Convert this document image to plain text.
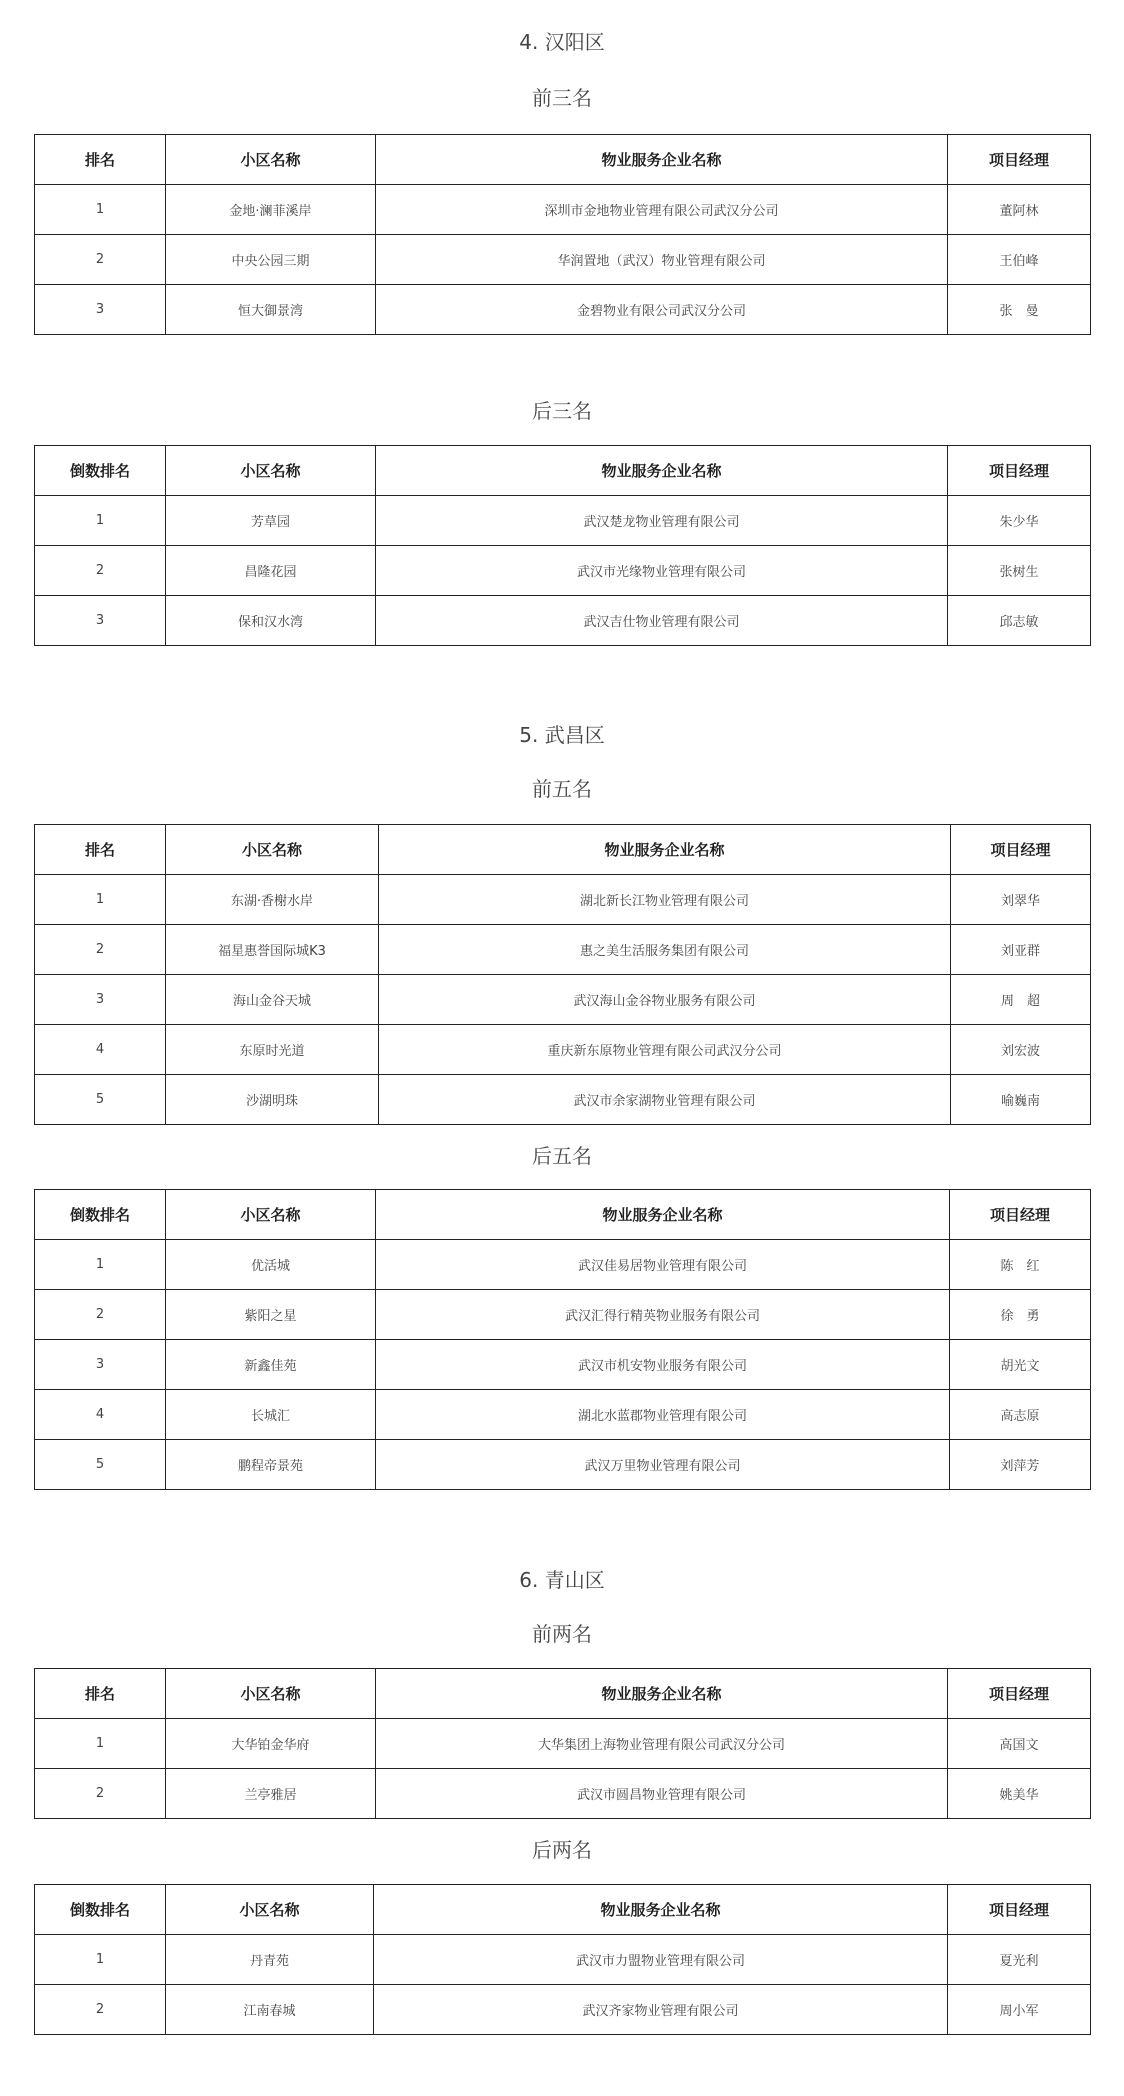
4. 汉阳区
前三名
排名	小区名称	物业服务企业名称	项目经理
1	金地·澜菲溪岸	深圳市金地物业管理有限公司武汉分公司	董阿林
2	中央公园三期	华润置地（武汉）物业管理有限公司	王伯峰
3	恒大御景湾	金碧物业有限公司武汉分公司	张　曼
后三名
倒数排名	小区名称	物业服务企业名称	项目经理
1	芳草园	武汉楚龙物业管理有限公司	朱少华
2	昌隆花园	武汉市光缘物业管理有限公司	张树生
3	保和汉水湾	武汉吉仕物业管理有限公司	邱志敏
5. 武昌区
前五名
排名	小区名称	物业服务企业名称	项目经理
1	东湖·香榭水岸	湖北新长江物业管理有限公司	刘翠华
2	福星惠誉国际城K3	惠之美生活服务集团有限公司	刘亚群
3	海山金谷天城	武汉海山金谷物业服务有限公司	周　超
4	东原时光道	重庆新东原物业管理有限公司武汉分公司	刘宏波
5	沙湖明珠	武汉市余家湖物业管理有限公司	喻巍南
后五名
倒数排名	小区名称	物业服务企业名称	项目经理
1	优活城	武汉佳易居物业管理有限公司	陈　红
2	紫阳之星	武汉汇得行精英物业服务有限公司	徐　勇
3	新鑫佳苑	武汉市机安物业服务有限公司	胡光文
4	长城汇	湖北水蓝郡物业管理有限公司	高志原
5	鹏程帝景苑	武汉万里物业管理有限公司	刘萍芳
6. 青山区
前两名
排名	小区名称	物业服务企业名称	项目经理
1	大华铂金华府	大华集团上海物业管理有限公司武汉分公司	高国文
2	兰亭雅居	武汉市圆昌物业管理有限公司	姚美华
后两名
倒数排名	小区名称	物业服务企业名称	项目经理
1	丹青苑	武汉市力盟物业管理有限公司	夏光利
2	江南春城	武汉齐家物业管理有限公司	周小军
